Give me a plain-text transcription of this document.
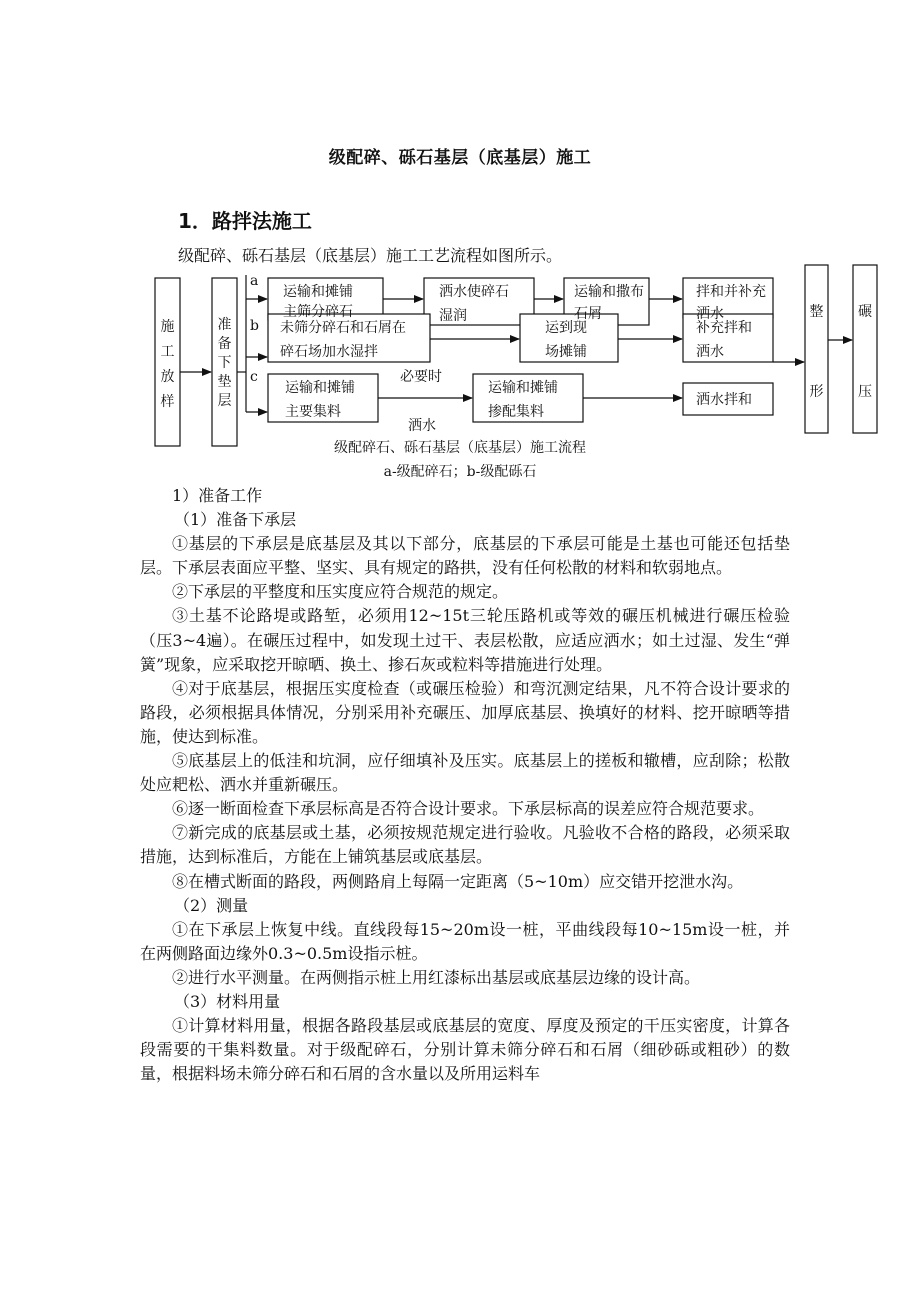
级配碎、砾石基层（底基层）施工
1．路拌法施工
级配碎、砾石基层（底基层）施工工艺流程如图所示。
a
b
c
施工放样
准备下垫层
整形
碾压
运输和摊铺主筛分碎石
洒水使碎石湿润
运输和撒布石屑
拌和并补充洒水
未筛分碎石和石屑在碎石场加水湿拌
运到现场摊铺
补充拌和洒水
运输和摊铺主要集料
运输和摊铺掺配集料
洒水拌和
必要时
洒水
级配碎石、砾石基层（底基层）施工流程
a-级配碎石；b-级配砾石

1）准备工作

（1）准备下承层

①基层的下承层是底基层及其以下部分，底基层的下承层可能是土基也可能还包括垫层。下承层表面应平整、坚实、具有规定的路拱，没有任何松散的材料和软弱地点。

②下承层的平整度和压实度应符合规范的规定。

③土基不论路堤或路堑，必须用12~15t三轮压路机或等效的碾压机械进行碾压检验（压3~4遍）。在碾压过程中，如发现土过干、表层松散，应适应洒水；如土过湿、发生“弹簧”现象，应采取挖开晾晒、换土、掺石灰或粒料等措施进行处理。

④对于底基层，根据压实度检查（或碾压检验）和弯沉测定结果，凡不符合设计要求的路段，必须根据具体情况，分别采用补充碾压、加厚底基层、换填好的材料、挖开晾晒等措施，使达到标准。

⑤底基层上的低洼和坑洞，应仔细填补及压实。底基层上的搓板和辙槽，应刮除；松散处应耙松、洒水并重新碾压。

⑥逐一断面检查下承层标高是否符合设计要求。下承层标高的误差应符合规范要求。

⑦新完成的底基层或土基，必须按规范规定进行验收。凡验收不合格的路段，必须采取措施，达到标准后，方能在上铺筑基层或底基层。

⑧在槽式断面的路段，两侧路肩上每隔一定距离（5~10m）应交错开挖泄水沟。

（2）测量

①在下承层上恢复中线。直线段每15~20m设一桩，平曲线段每10~15m设一桩，并在两侧路面边缘外0.3~0.5m设指示桩。

②进行水平测量。在两侧指示桩上用红漆标出基层或底基层边缘的设计高。

（3）材料用量

①计算材料用量，根据各路段基层或底基层的宽度、厚度及预定的干压实密度，计算各段需要的干集料数量。对于级配碎石，分别计算未筛分碎石和石屑（细砂砾或粗砂）的数量，根据料场未筛分碎石和石屑的含水量以及所用运料车
